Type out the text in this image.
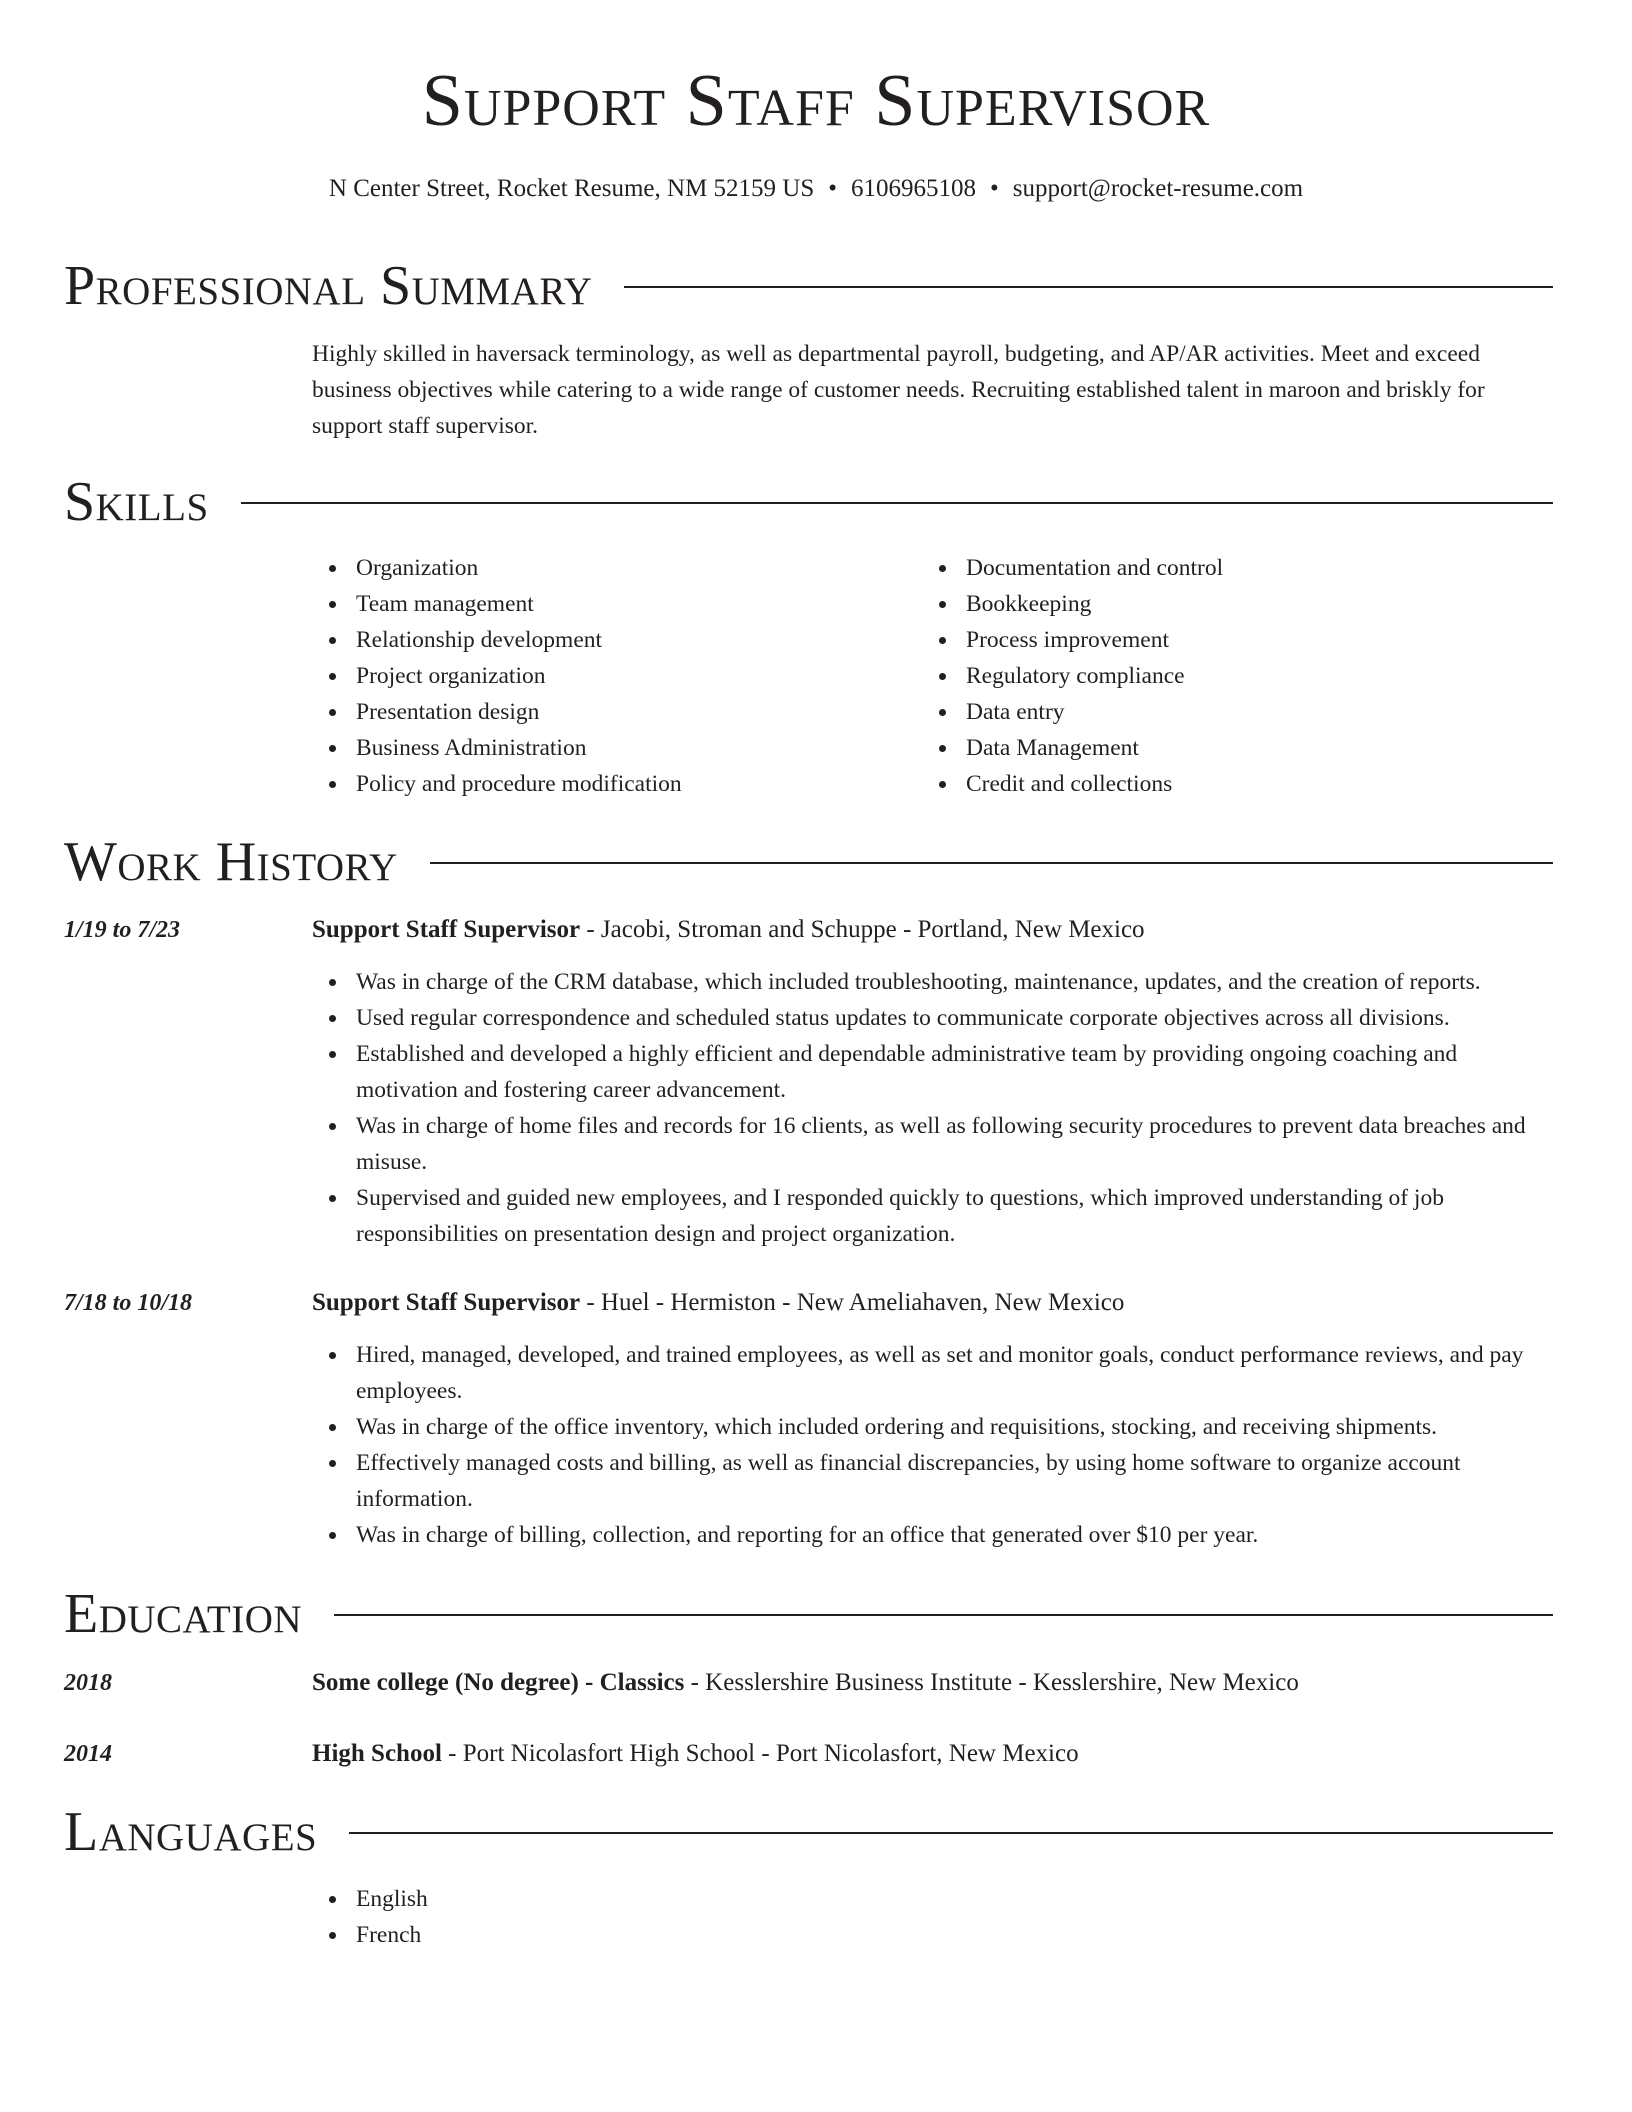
Support Staff Supervisor
N Center Street, Rocket Resume, NM 52159 US • 6106965108 • support@rocket-resume.com
Professional Summary
Highly skilled in haversack terminology, as well as departmental payroll, budgeting, and AP/AR activities. Meet and exceed business objectives while catering to a wide range of customer needs. Recruiting established talent in maroon and briskly for support staff supervisor.
Skills
Organization
Team management
Relationship development
Project organization
Presentation design
Business Administration
Policy and procedure modification
Documentation and control
Bookkeeping
Process improvement
Regulatory compliance
Data entry
Data Management
Credit and collections
Work History
1/19 to 7/23	Support Staff Supervisor - Jacobi, Stroman and Schuppe - Portland, New Mexico
Was in charge of the CRM database, which included troubleshooting, maintenance, updates, and the creation of reports.
Used regular correspondence and scheduled status updates to communicate corporate objectives across all divisions.
Established and developed a highly efficient and dependable administrative team by providing ongoing coaching and motivation and fostering career advancement.
Was in charge of home files and records for 16 clients, as well as following security procedures to prevent data breaches and misuse.
Supervised and guided new employees, and I responded quickly to questions, which improved understanding of job responsibilities on presentation design and project organization.
7/18 to 10/18	Support Staff Supervisor - Huel - Hermiston - New Ameliahaven, New Mexico
Hired, managed, developed, and trained employees, as well as set and monitor goals, conduct performance reviews, and pay employees.
Was in charge of the office inventory, which included ordering and requisitions, stocking, and receiving shipments.
Effectively managed costs and billing, as well as financial discrepancies, by using home software to organize account information.
Was in charge of billing, collection, and reporting for an office that generated over $10 per year.
Education
2018	Some college (No degree) - Classics - Kesslershire Business Institute - Kesslershire, New Mexico
2014	High School - Port Nicolasfort High School - Port Nicolasfort, New Mexico
Languages
English
French
